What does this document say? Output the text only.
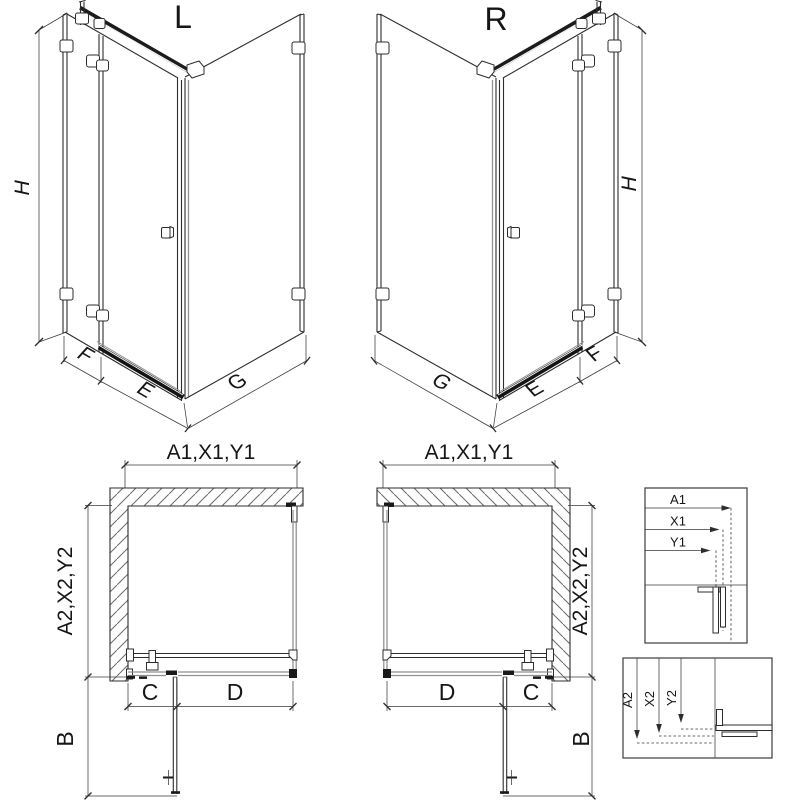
L
H
F
E	G
R
H
F
E
G
A1,X1,Y1
A2,X2,Y2
C	D
B
A1,X1,Y1
A2,X2,Y2
D	C
B
A1
X1
Y1
A2 X2 Y2
